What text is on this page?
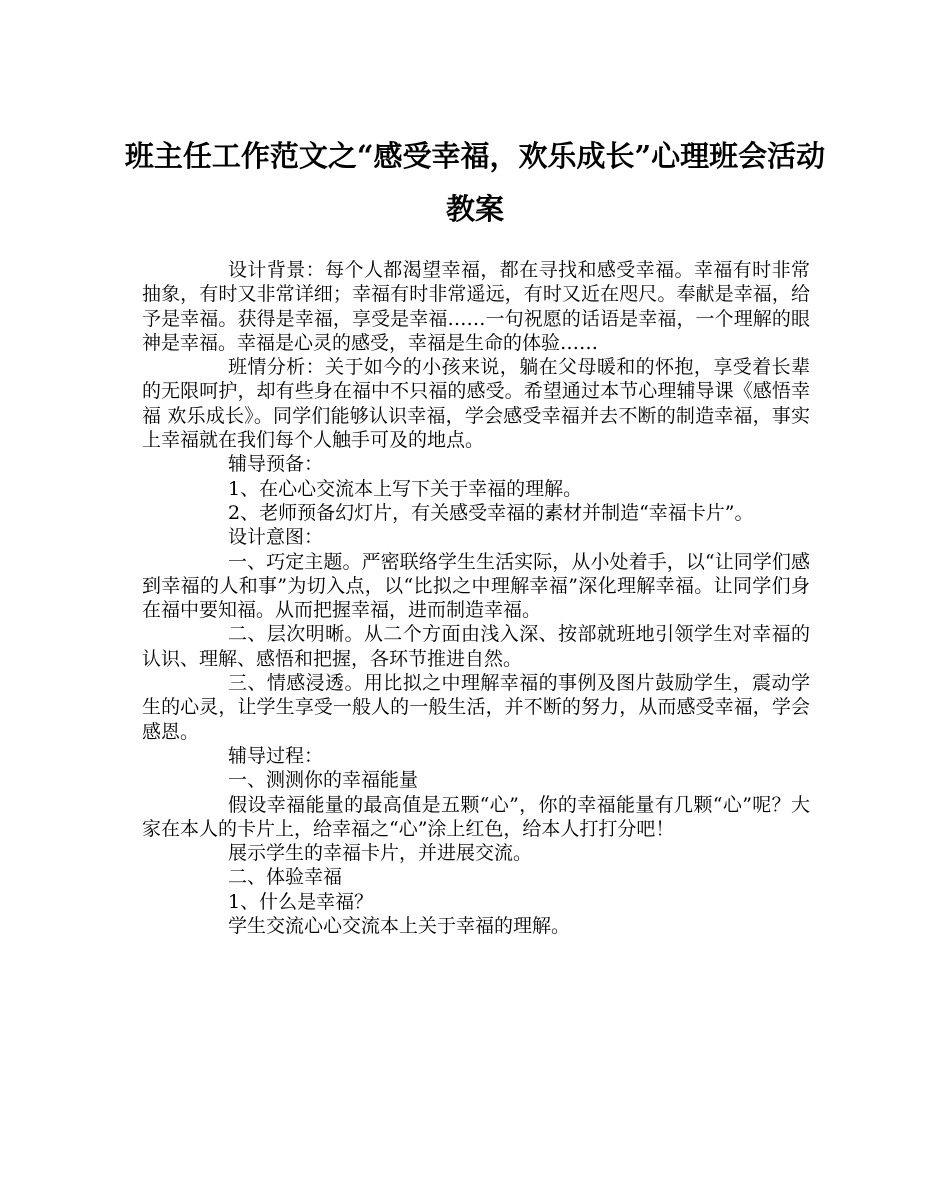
班主任工作范文之“感受幸福，欢乐成长”心理班会活动教案

设计背景：每个人都渴望幸福，都在寻找和感受幸福。幸福有时非常抽象，有时又非常详细；幸福有时非常遥远，有时又近在咫尺。奉献是幸福，给予是幸福。获得是幸福，享受是幸福……一句祝愿的话语是幸福，一个理解的眼神是幸福。幸福是心灵的感受，幸福是生命的体验……

班情分析：关于如今的小孩来说，躺在父母暖和的怀抱，享受着长辈的无限呵护，却有些身在福中不只福的感受。希望通过本节心理辅导课《感悟幸福 欢乐成长》。同学们能够认识幸福，学会感受幸福并去不断的制造幸福，事实上幸福就在我们每个人触手可及的地点。

辅导预备：

1、在心心交流本上写下关于幸福的理解。

2、老师预备幻灯片，有关感受幸福的素材并制造“幸福卡片”。

设计意图：

一、巧定主题。严密联络学生生活实际，从小处着手，以“让同学们感到幸福的人和事”为切入点，以“比拟之中理解幸福”深化理解幸福。让同学们身在福中要知福。从而把握幸福，进而制造幸福。

二、层次明晰。从二个方面由浅入深、按部就班地引领学生对幸福的认识、理解、感悟和把握，各环节推进自然。

三、情感浸透。用比拟之中理解幸福的事例及图片鼓励学生，震动学生的心灵，让学生享受一般人的一般生活，并不断的努力，从而感受幸福，学会感恩。

辅导过程：

一、测测你的幸福能量

假设幸福能量的最高值是五颗“心”，你的幸福能量有几颗“心”呢？大家在本人的卡片上，给幸福之“心”涂上红色，给本人打打分吧！

展示学生的幸福卡片，并进展交流。

二、体验幸福

1、什么是幸福？

学生交流心心交流本上关于幸福的理解。
